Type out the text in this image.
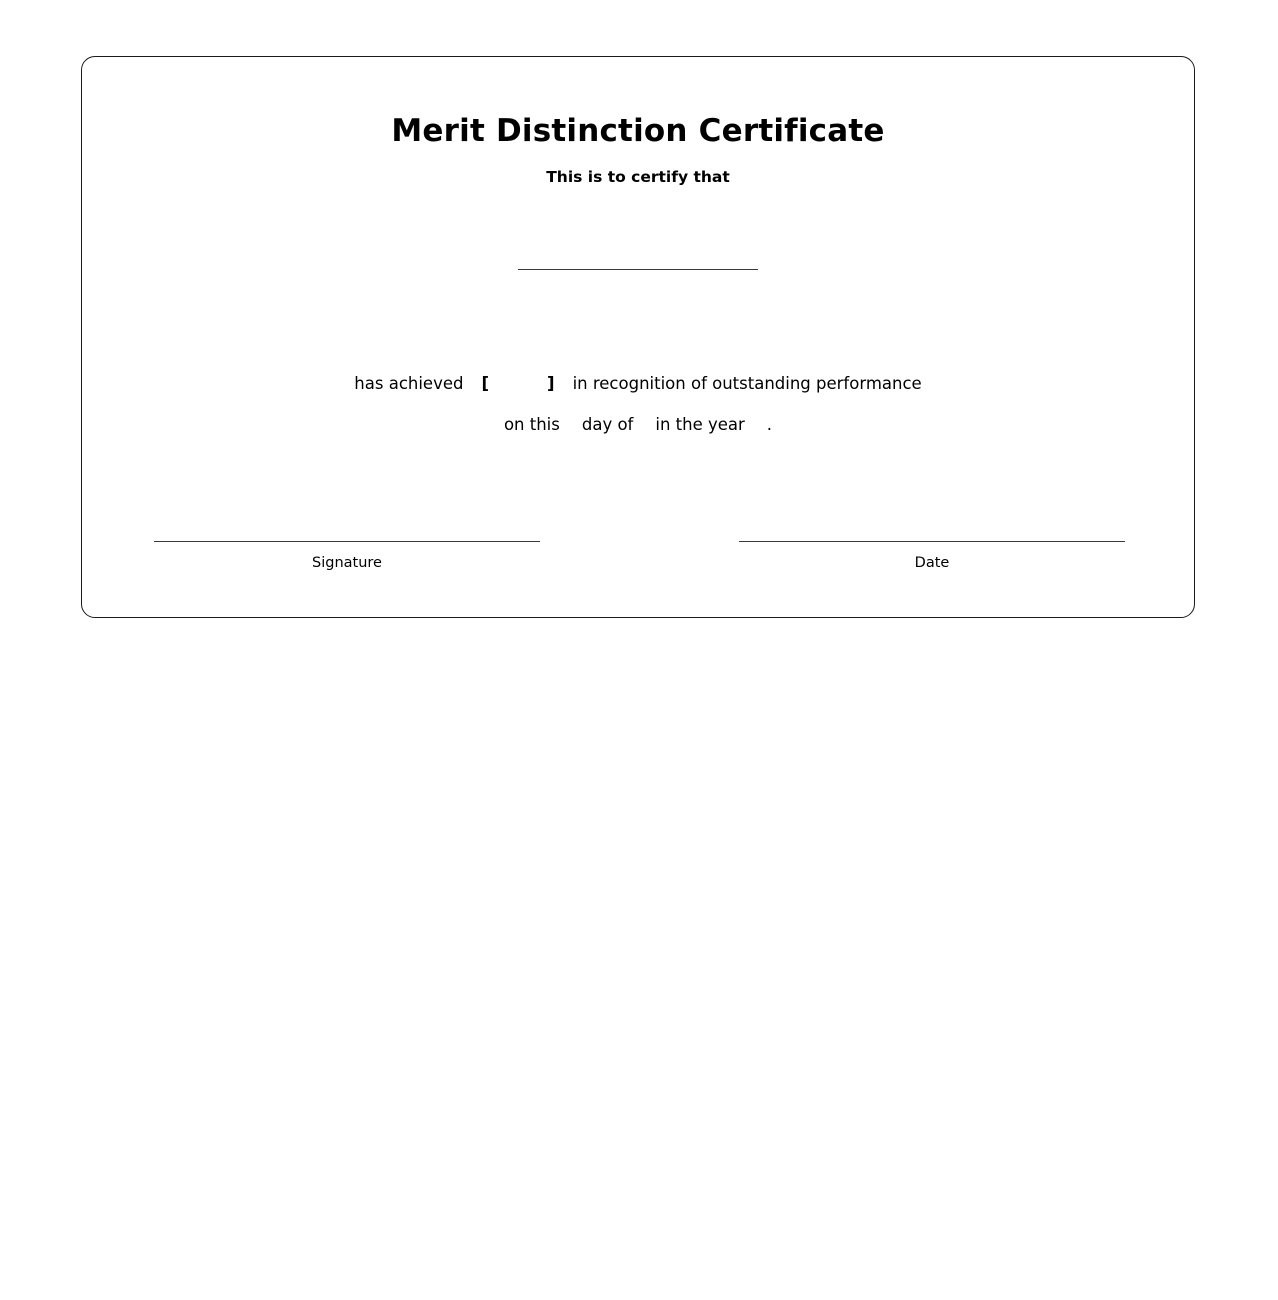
Merit Distinction Certificate
This is to certify that
has achieved [	] in recognition of outstanding performance
on this day of in the year .
Signature	Date
